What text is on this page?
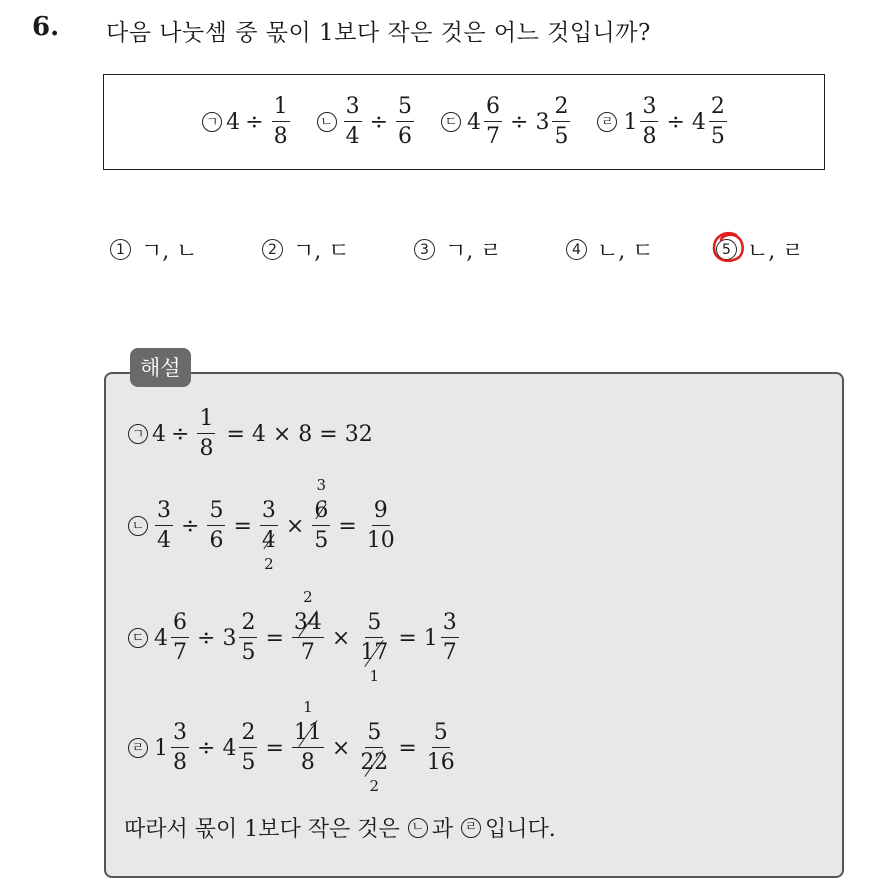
6. 다음 나눗셈 중 몫이 1보다 작은 것은 어느 것입니까?
ㄱ $4 \div \frac{1}{8}$ ㄴ $\frac{3}{4} \div \frac{5}{6}$ ㄷ $4 \frac{6}{7} \div 3 \frac{2}{5}$ ㄹ $1 \frac{3}{8} \div 4 \frac{2}{5}$
1 ㄱ, ㄴ	2 ㄱ, ㄷ	3 ㄱ, ㄹ	4 ㄴ, ㄷ	5 ㄴ, ㄹ
해설
ㄱ $4 \div \frac{1}{8} = 4 \times 8 = 32$
ㄴ $\frac{3}{4} \div \frac{5}{6} = 3$
4
2 × 3
6
$5 = \frac{9}{10}$
ㄷ $4 \frac{6}{7} \div 3 \frac{2}{5} = 2$
34
7 × 5
17
$1 = 1 \frac{3}{7}$
ㄹ $1 \frac{3}{8} \div 4 \frac{2}{5} = 1$
11
8 × 5
22
$2 = \frac{5}{16}$
따라서 몫이 1보다 작은 것은 ㄴ 과 ㄹ 입니다.
